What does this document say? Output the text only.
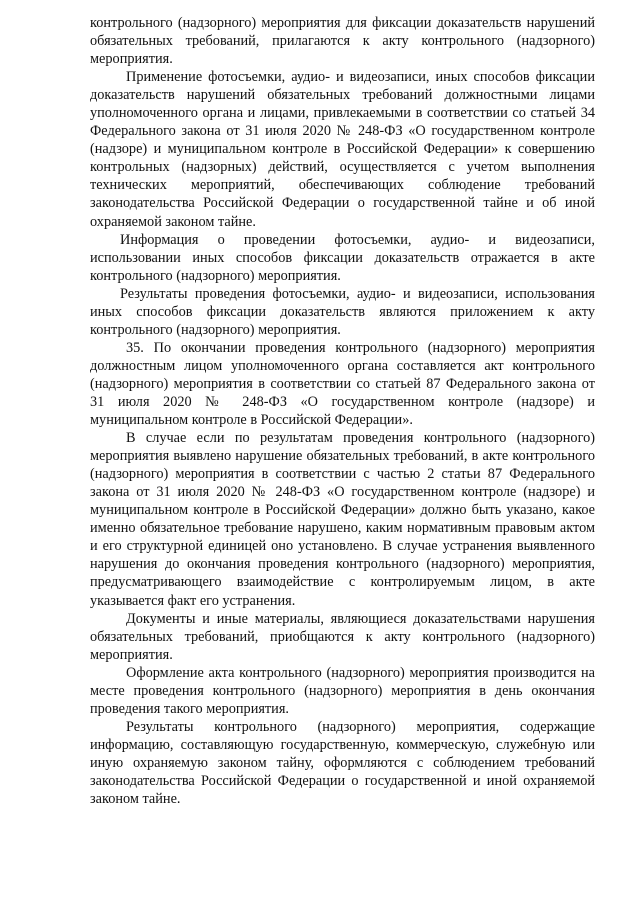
контрольного (надзорного) мероприятия для фиксации доказательств нарушений обязательных требований, прилагаются к акту контрольного (надзорного) мероприятия.

Применение фотосъемки, аудио- и видеозаписи, иных способов фиксации доказательств нарушений обязательных требований должностными лицами уполномоченного органа и лицами, привлекаемыми в соответствии со статьей 34 Федерального закона от 31 июля 2020 № 248-ФЗ «О государственном контроле (надзоре) и муниципальном контроле в Российской Федерации» к совершению контрольных (надзорных) действий, осуществляется с учетом выполнения технических мероприятий, обеспечивающих соблюдение требований законодательства Российской Федерации о государственной тайне и об иной охраняемой законом тайне.

Информация о проведении фотосъемки, аудио- и видеозаписи, использовании иных способов фиксации доказательств отражается в акте контрольного (надзорного) мероприятия.

Результаты проведения фотосъемки, аудио- и видеозаписи, использования иных способов фиксации доказательств являются приложением к акту контрольного (надзорного) мероприятия.

35. По окончании проведения контрольного (надзорного) мероприятия должностным лицом уполномоченного органа составляется акт контрольного (надзорного) мероприятия в соответствии со статьей 87 Федерального закона от 31 июля 2020 № 248-ФЗ «О государственном контроле (надзоре) и муниципальном контроле в Российской Федерации».

В случае если по результатам проведения контрольного (надзорного) мероприятия выявлено нарушение обязательных требований, в акте контрольного (надзорного) мероприятия в соответствии с частью 2 статьи 87 Федерального закона от 31 июля 2020 № 248-ФЗ «О государственном контроле (надзоре) и муниципальном контроле в Российской Федерации» должно быть указано, какое именно обязательное требование нарушено, каким нормативным правовым актом и его структурной единицей оно установлено. В случае устранения выявленного нарушения до окончания проведения контрольного (надзорного) мероприятия, предусматривающего взаимодействие с контролируемым лицом, в акте указывается факт его устранения.

Документы и иные материалы, являющиеся доказательствами нарушения обязательных требований, приобщаются к акту контрольного (надзорного) мероприятия.

Оформление акта контрольного (надзорного) мероприятия производится на месте проведения контрольного (надзорного) мероприятия в день окончания проведения такого мероприятия.

Результаты контрольного (надзорного) мероприятия, содержащие информацию, составляющую государственную, коммерческую, служебную или иную охраняемую законом тайну, оформляются с соблюдением требований законодательства Российской Федерации о государственной и иной охраняемой законом тайне.
